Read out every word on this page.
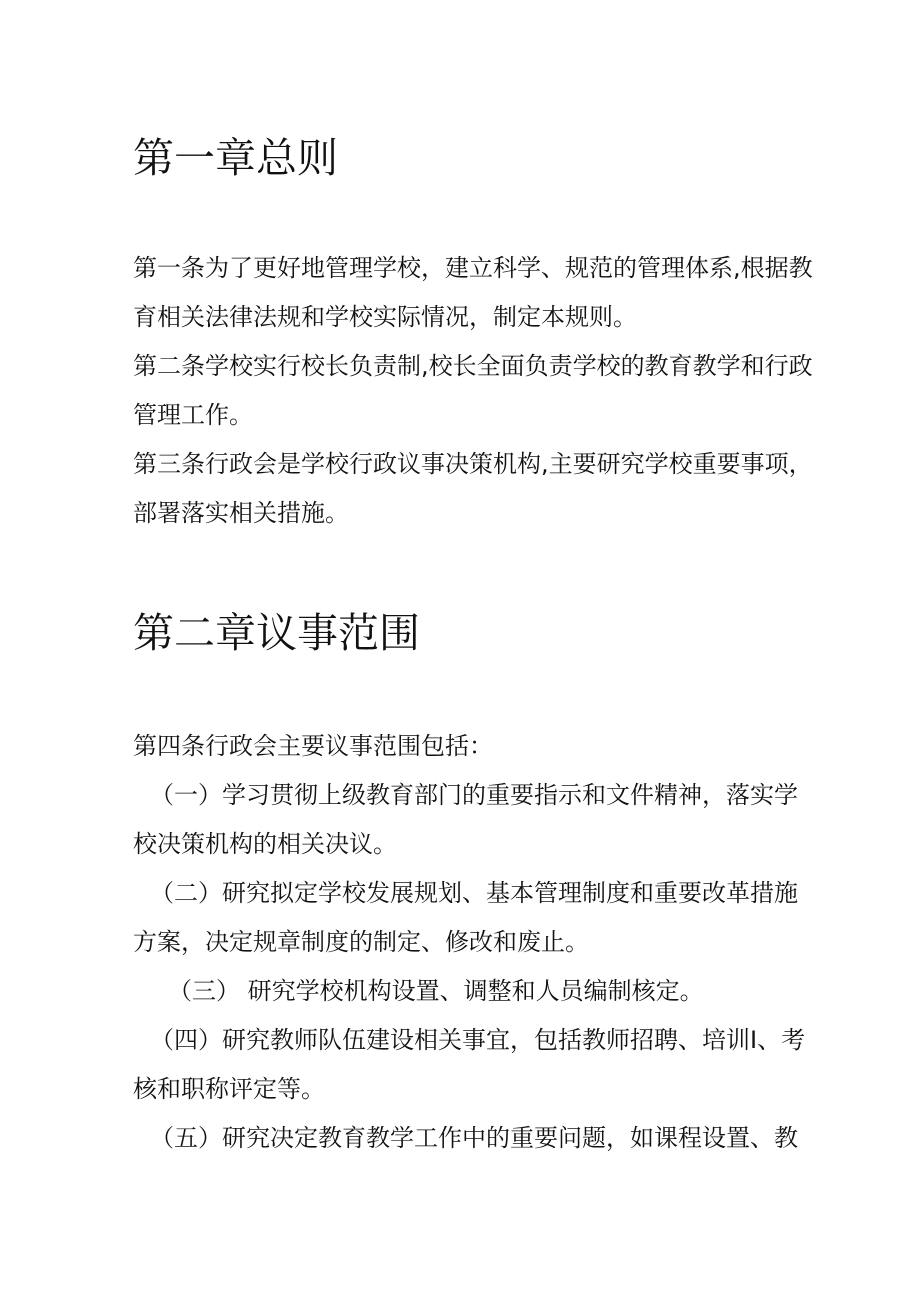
第一章总则

第一条为了更好地管理学校，建立科学、规范的管理体系,根据教

育相关法律法规和学校实际情况，制定本规则。

第二条学校实行校长负责制,校长全面负责学校的教育教学和行政

管理工作。

第三条行政会是学校行政议事决策机构,主要研究学校重要事项，

部署落实相关措施。

第二章议事范围

第四条行政会主要议事范围包括：

（一）学习贯彻上级教育部门的重要指示和文件精神，落实学

校决策机构的相关决议。

（二）研究拟定学校发展规划、基本管理制度和重要改革措施

方案，决定规章制度的制定、修改和废止。

（三） 研究学校机构设置、调整和人员编制核定。

（四）研究教师队伍建设相关事宜，包括教师招聘、培训I、考

核和职称评定等。

（五）研究决定教育教学工作中的重要问题，如课程设置、教
